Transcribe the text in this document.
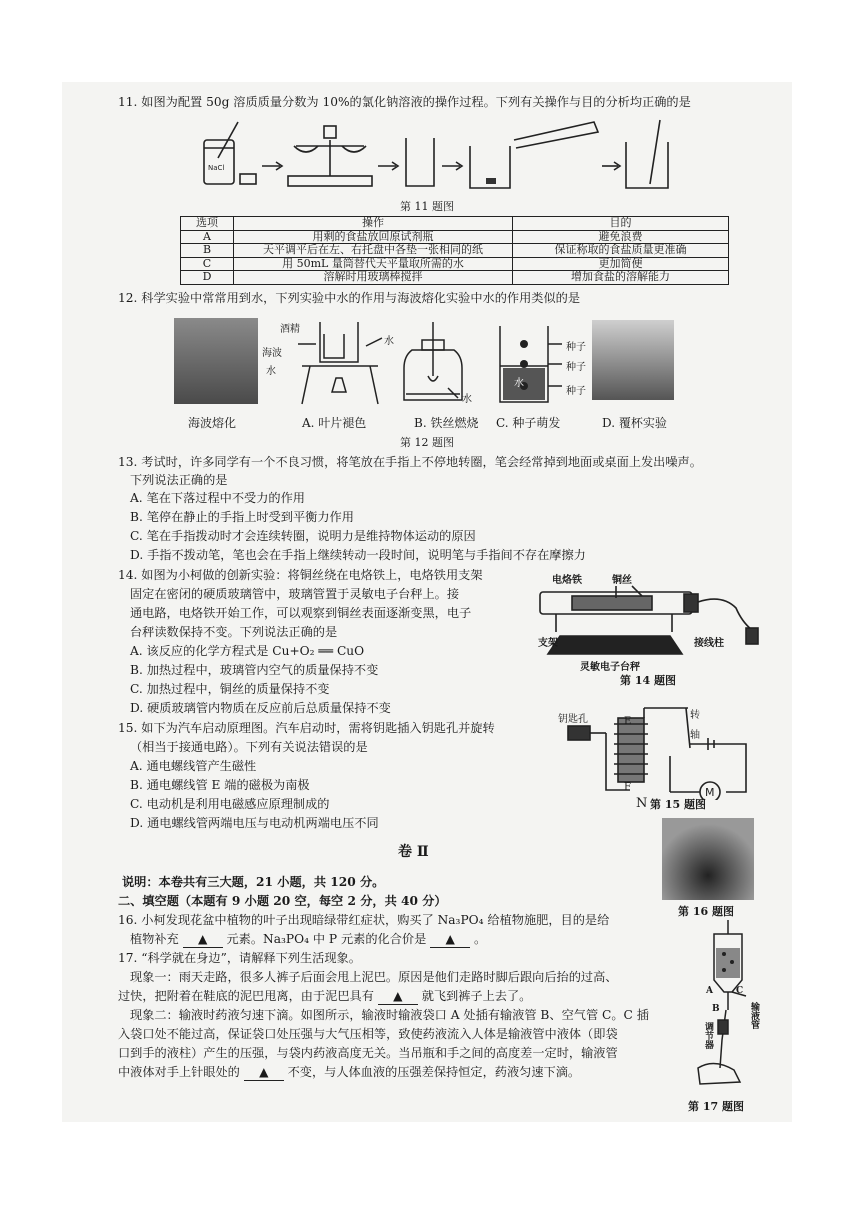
11. 如图为配置 50g 溶质质量分数为 10%的氯化钠溶液的操作过程。下列有关操作与目的分析均正确的是
NaCl
第 11 题图
选项	操作	目的
A	用剩的食盐放回原试剂瓶	避免浪费
B	天平调平后在左、右托盘中各垫一张相同的纸	保证称取的食盐质量更准确
C	用 50mL 量筒替代天平量取所需的水	更加简便
D	溶解时用玻璃棒搅拌	增加食盐的溶解能力
12. 科学实验中常常用到水，下列实验中水的作用与海波熔化实验中水的作用类似的是
酒精
海波
水
水
水
水
种子
种子
种子
海波熔化	A. 叶片褪色	B. 铁丝燃烧 C. 种子萌发	D. 覆杯实验
第 12 题图
13. 考试时，许多同学有一个不良习惯，将笔放在手指上不停地转圈，笔会经常掉到地面或桌面上发出噪声。
下列说法正确的是
A. 笔在下落过程中不受力的作用
B. 笔停在静止的手指上时受到平衡力作用
C. 笔在手指拨动时才会连续转圈，说明力是维持物体运动的原因
D. 手指不拨动笔，笔也会在手指上继续转动一段时间，说明笔与手指间不存在摩擦力
14. 如图为小柯做的创新实验：将铜丝绕在电烙铁上，电烙铁用支架
固定在密闭的硬质玻璃管中，玻璃管置于灵敏电子台秤上。接
通电路，电烙铁开始工作，可以观察到铜丝表面逐渐变黑，电子
台秤读数保持不变。下列说法正确的是
A. 该反应的化学方程式是 Cu+O₂ ══ CuO
B. 加热过程中，玻璃管内空气的质量保持不变
C. 加热过程中，铜丝的质量保持不变
D. 硬质玻璃管内物质在反应前后总质量保持不变
电烙铁	铜丝
支架	接线柱
灵敏电子台秤
第 14 题图
15. 如下为汽车启动原理图。汽车启动时，需将钥匙插入钥匙孔并旋转
（相当于接通电路）。下列有关说法错误的是
A. 通电螺线管产生磁性
B. 通电螺线管 E 端的磁极为南极
C. 电动机是利用电磁感应原理制成的
D. 通电螺线管两端电压与电动机两端电压不同
M
钥匙孔	E
F
N
转
轴
第 15 题图
卷 Ⅱ
说明：本卷共有三大题，21 小题，共 120 分。
二、填空题（本题有 9 小题 20 空，每空 2 分，共 40 分）
第 16 题图
16. 小柯发现花盆中植物的叶子出现暗绿带红症状，购买了 Na₃PO₄ 给植物施肥，目的是给
植物补充 ▲ 元素。Na₃PO₄ 中 P 元素的化合价是 ▲ 。
17. “科学就在身边”，请解释下列生活现象。
现象一：雨天走路，很多人裤子后面会甩上泥巴。原因是他们走路时脚后跟向后抬的过高、
过快，把附着在鞋底的泥巴甩离，由于泥巴具有 ▲ 就飞到裤子上去了。
现象二：输液时药液匀速下滴。如图所示，输液时输液袋口 A 处插有输液管 B、空气管 C。C 插
入袋口处不能过高，保证袋口处压强与大气压相等，致使药液流入人体是输液管中液体（即袋
口到手的液柱）产生的压强，与袋内药液高度无关。当吊瓶和手之间的高度差一定时，输液管
中液体对手上针眼处的 ▲ 不变，与人体血液的压强差保持恒定，药液匀速下滴。
A
B
C
输液管
调节器
第 17 题图
